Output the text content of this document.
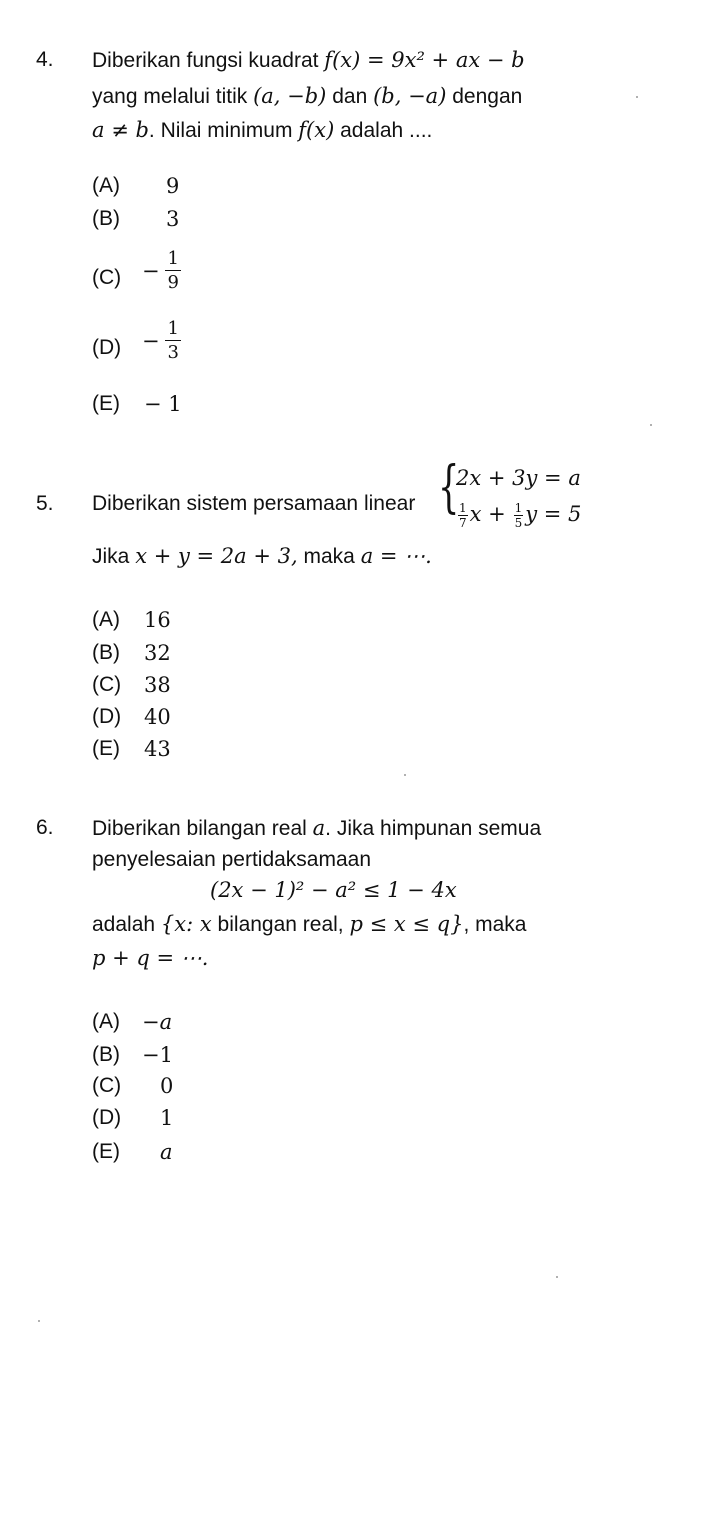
4. Diberikan fungsi kuadrat f(x) = 9x² + ax − b
yang melalui titik (a, −b) dan (b, −a) dengan
a ≠ b. Nilai minimum f(x) adalah ....
(A) 9
(B) 3
$(C) - \frac{1}{9}$
$(D) - \frac{1}{3}$
(E) − 1
5. Diberikan sistem persamaan linear {
2x + 3y = a
$\frac{1}{7}$ $x + \frac{1}{5}$ y = 5
Jika x + y = 2a + 3, maka a = ⋯.
(A) 16
(B) 32
(C) 38
(D) 40
(E) 43
6. Diberikan bilangan real a. Jika himpunan semua
penyelesaian pertidaksamaan
(2x − 1)² − a² ≤ 1 − 4x
adalah {x: x bilangan real, p ≤ x ≤ q}, maka
p + q = ⋯.
(A) −a
(B) −1
(C) 0
(D) 1
(E) a
